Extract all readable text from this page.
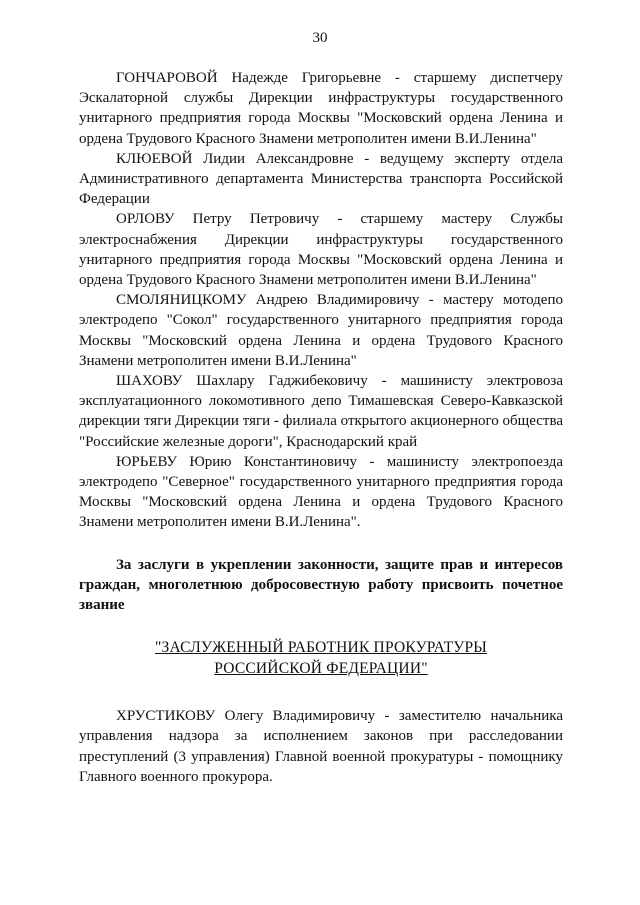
30

ГОНЧАРОВОЙ Надежде Григорьевне - старшему диспетчеру Эскалаторной службы Дирекции инфраструктуры государственного унитарного предприятия города Москвы "Московский ордена Ленина и ордена Трудового Красного Знамени метрополитен имени В.И.Ленина"

КЛЮЕВОЙ Лидии Александровне - ведущему эксперту отдела Административного департамента Министерства транспорта Российской Федерации

ОРЛОВУ Петру Петровичу - старшему мастеру Службы электроснабжения Дирекции инфраструктуры государственного унитарного предприятия города Москвы "Московский ордена Ленина и ордена Трудового Красного Знамени метрополитен имени В.И.Ленина"

СМОЛЯНИЦКОМУ Андрею Владимировичу - мастеру мотодепо электродепо "Сокол" государственного унитарного предприятия города Москвы "Московский ордена Ленина и ордена Трудового Красного Знамени метрополитен имени В.И.Ленина"

ШАХОВУ Шахлару Гаджибековичу - машинисту электровоза эксплуатационного локомотивного депо Тимашевская Северо-Кавказской дирекции тяги Дирекции тяги - филиала открытого акционерного общества "Российские железные дороги", Краснодарский край

ЮРЬЕВУ Юрию Константиновичу - машинисту электропоезда электродепо "Северное" государственного унитарного предприятия города Москвы "Московский ордена Ленина и ордена Трудового Красного Знамени метрополитен имени В.И.Ленина".

За заслуги в укреплении законности, защите прав и интересов граждан, многолетнюю добросовестную работу присвоить почетное звание
"ЗАСЛУЖЕННЫЙ РАБОТНИК ПРОКУРАТУРЫ
РОССИЙСКОЙ ФЕДЕРАЦИИ"

ХРУСТИКОВУ Олегу Владимировичу - заместителю начальника управления надзора за исполнением законов при расследовании преступлений (3 управления) Главной военной прокуратуры - помощнику Главного военного прокурора.
